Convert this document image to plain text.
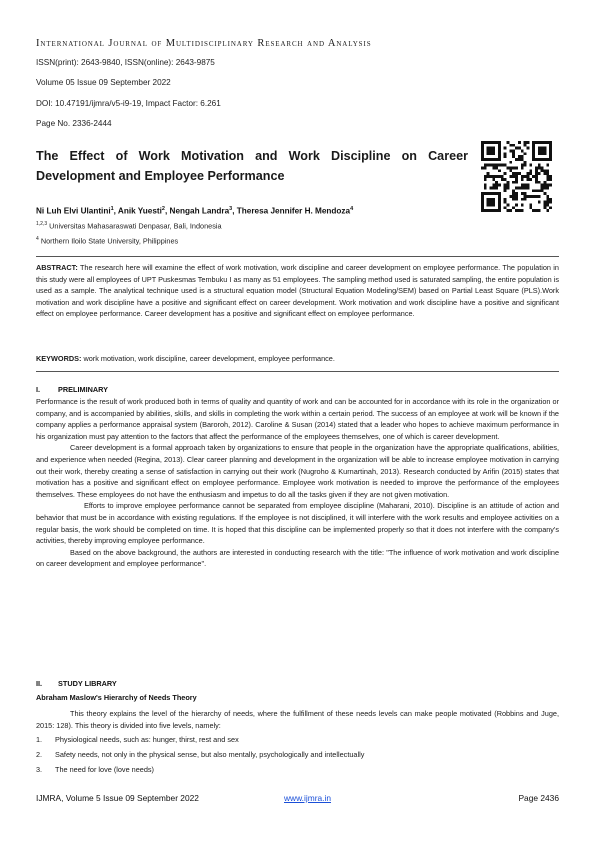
International Journal of Multidisciplinary Research and Analysis
ISSN(print): 2643-9840, ISSN(online): 2643-9875
Volume 05 Issue 09 September 2022
DOI: 10.47191/ijmra/v5-i9-19, Impact Factor: 6.261
Page No. 2336-2444
The Effect of Work Motivation and Work Discipline on Career
Development and Employee Performance
Ni Luh Elvi Ulantini$^1$, Anik Yuesti$^2$, Nengah Landra$^3$, Theresa Jennifer H. Mendoza$^4$
$^{1,2,3}$ Universitas Mahasaraswati Denpasar, Bali, Indonesia
$^4$ Northern Iloilo State University, Philippines
ABSTRACT: The research here will examine the effect of work motivation, work discipline and career development on employee performance. The population in this study were all employees of UPT Puskesmas Tembuku I as many as 51 employees. The sampling method used is saturated sampling, the entire population is used as a sample. The analytical technique used is a structural equation model (Structural Equation Modeling/SEM) based on Partial Least Square (PLS).Work motivation and work discipline have a positive and significant effect on career development. Work motivation and work discipline have a positive and significant effect on employee performance. Career development has a positive and significant effect on employee performance.
KEYWORDS: work motivation, work discipline, career development, employee performance.
I. PRELIMINARY

Performance is the result of work produced both in terms of quality and quantity of work and can be accounted for in accordance with its role in the organization or company, and is accompanied by abilities, skills, and skills in completing the work within a certain period. The success of an employee at work will be known if the company applies a performance appraisal system (Baroroh, 2012). Caroline & Susan (2014) stated that a leader who hopes to achieve maximum performance in his organization must pay attention to the factors that affect the performance of the employees themselves, one of which is career development.

Career development is a formal approach taken by organizations to ensure that people in the organization have the appropriate qualifications, abilities, and experience when needed (Regina, 2013). Clear career planning and development in the organization will be able to increase employee motivation in carrying out their work, thereby creating a sense of satisfaction in carrying out their work (Nugroho & Kurnartinah, 2013). Research conducted by Arifin (2015) states that motivation has a positive and significant effect on employee performance. Employee work motivation is needed to improve the performance of the employees themselves. These employees do not have the enthusiasm and impetus to do all the tasks given if they are not given motivation.

Efforts to improve employee performance cannot be separated from employee discipline (Maharani, 2010). Discipline is an attitude of action and behavior that must be in accordance with existing regulations. If the employee is not disciplined, it will interfere with the work results and employee activities on a regular basis, the work should be completed on time. It is hoped that this discipline can be implemented properly so that it does not interfere with the company's activities, thereby improving employee performance.

Based on the above background, the authors are interested in conducting research with the title: "The influence of work motivation and work discipline on career development and employee performance".

II. STUDY LIBRARY
Abraham Maslow's Hierarchy of Needs Theory

This theory explains the level of the hierarchy of needs, where the fulfillment of these needs levels can make people motivated (Robbins and Juge, 2015: 128). This theory is divided into five levels, namely:

1. Physiological needs, such as: hunger, thirst, rest and sex
2. Safety needs, not only in the physical sense, but also mentally, psychologically and intellectually
3. The need for love (love needs)
IJMRA, Volume 5 Issue 09 September 2022	www.ijmra.in	Page 2436
